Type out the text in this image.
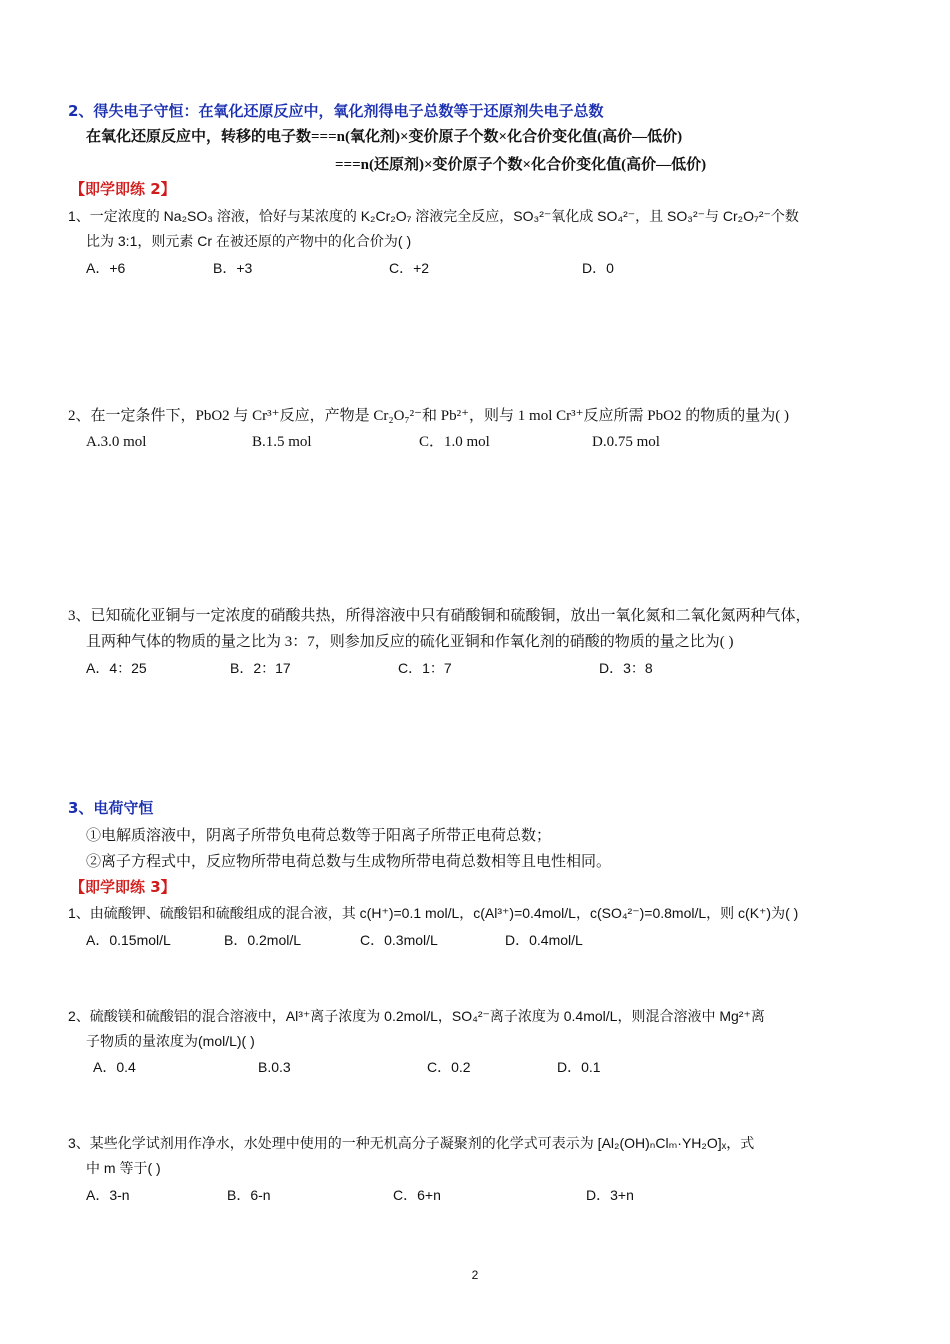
2、得失电子守恒：在氧化还原反应中，氧化剂得电子总数等于还原剂失电子总数
在氧化还原反应中，转移的电子数===n(氧化剂)×变价原子个数×化合价变化值(高价—低价)
===n(还原剂)×变价原子个数×化合价变化值(高价—低价)
【即学即练 2】
1、一定浓度的 Na₂SO₃ 溶液，恰好与某浓度的 K₂Cr₂O₇ 溶液完全反应，SO₃²⁻氧化成 SO₄²⁻，且 SO₃²⁻与 Cr₂O₇²⁻个数
比为 3:1，则元素 Cr 在被还原的产物中的化合价为( )
A．+6	B．+3	C．+2	D．0
2、在一定条件下，PbO2 与 Cr³⁺反应，产物是 Cr₂O₇²⁻和 Pb²⁺，则与 1 mol Cr³⁺反应所需 PbO2 的物质的量为( )
A.3.0 mol	B.1.5 mol	C．1.0 mol	D.0.75 mol
3、已知硫化亚铜与一定浓度的硝酸共热，所得溶液中只有硝酸铜和硫酸铜，放出一氧化氮和二氧化氮两种气体，
且两种气体的物质的量之比为 3：7，则参加反应的硫化亚铜和作氧化剂的硝酸的物质的量之比为( )
A．4：25	B．2：17	C．1：7	D．3：8
3、电荷守恒
①电解质溶液中，阴离子所带负电荷总数等于阳离子所带正电荷总数；
②离子方程式中，反应物所带电荷总数与生成物所带电荷总数相等且电性相同。
【即学即练 3】
1、由硫酸钾、硫酸铝和硫酸组成的混合液，其 c(H⁺)=0.1 mol/L，c(Al³⁺)=0.4mol/L，c(SO₄²⁻)=0.8mol/L，则 c(K⁺)为( )
A．0.15mol/L	B．0.2mol/L	C．0.3mol/L	D．0.4mol/L
2、硫酸镁和硫酸铝的混合溶液中，Al³⁺离子浓度为 0.2mol/L，SO₄²⁻离子浓度为 0.4mol/L，则混合溶液中 Mg²⁺离
子物质的量浓度为(mol/L)( )
A．0.4	B.0.3	C．0.2	D．0.1
3、某些化学试剂用作净水，水处理中使用的一种无机高分子凝聚剂的化学式可表示为 [Al₂(OH)ₙClₘ·YH₂O]ₓ，式
中 m 等于( )
A．3-n	B．6-n	C．6+n	D．3+n
2
